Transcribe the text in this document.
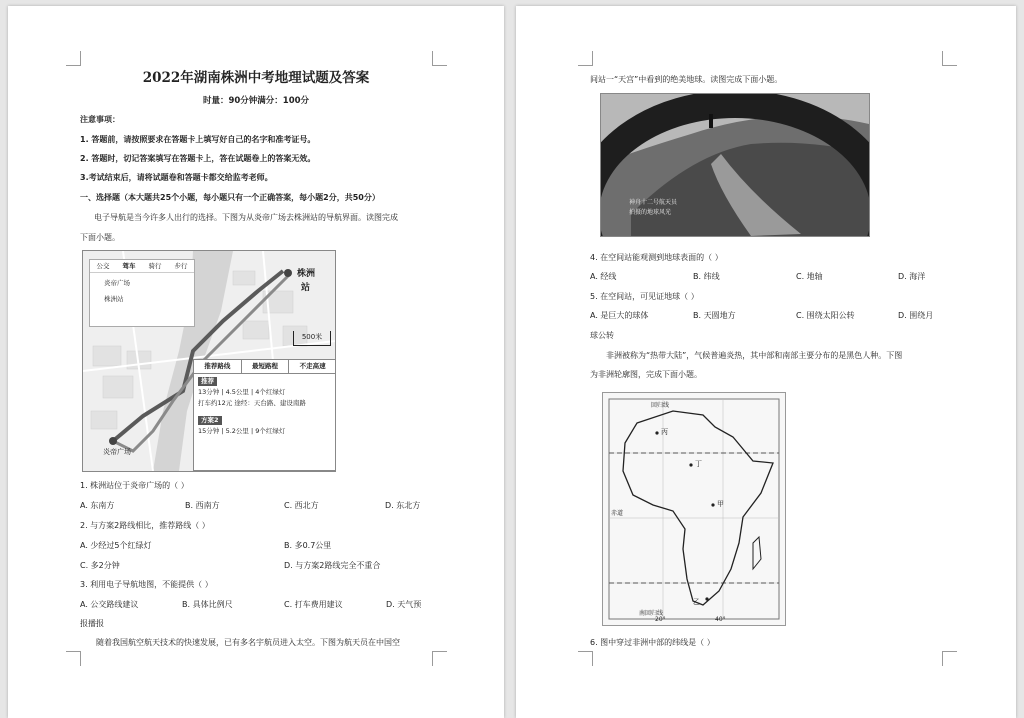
2022年湖南株洲中考地理试题及答案
时量：90分钟满分：100分
注意事项：
1. 答题前，请按照要求在答题卡上填写好自己的名字和准考证号。
2. 答题时，切记答案填写在答题卡上，答在试题卷上的答案无效。
3.考试结束后，请将试题卷和答题卡都交给监考老师。
一、选择题（本大题共25个小题，每小题只有一个正确答案，每小题2分，共50分）
电子导航是当今许多人出行的选择。下图为从炎帝广场去株洲站的导航界面。读图完成
下面小题。
公交 驾车 骑行 步行
炎帝广场
株洲站
株洲
站
500米
炎帝广场
推荐路线	最短路程	不走高速
推荐
13分钟 | 4.5公里 | 4个红绿灯
打车约12元 途经：天台路、建设南路
方案2
15分钟 | 5.2公里 | 9个红绿灯
1. 株洲站位于炎帝广场的（ ）
A. 东南方	B. 西南方	C. 西北方	D. 东北方
2. 与方案2路线相比，推荐路线（ ）
A. 少经过5个红绿灯	B. 多0.7公里
C. 多2分钟	D. 与方案2路线完全不重合
3. 利用电子导航地图，不能提供（ ）
A. 公交路线建议	B. 具体比例尺	C. 打车费用建议	D. 天气预
报播报
随着我国航空航天技术的快速发展，已有多名宇航员进入太空。下图为航天员在中国空
间站一“天宫”中看到的绝美地球。读图完成下面小题。
神舟十二号航天员
拍摄的地球风光
4. 在空间站能观测到地球表面的（ ）
A. 经线	B. 纬线	C. 地轴	D. 海洋
5. 在空间站，可见证地球（ ）
A. 是巨大的球体	B. 天圆地方	C. 围绕太阳公转	D. 围绕月
球公转
非洲被称为“热带大陆”，气候普遍炎热，其中部和南部主要分布的是黑色人种。下图
为非洲轮廓图，完成下面小题。
回归线
赤道
南回归线
丙
丁
甲
乙
20°	40°
6. 图中穿过非洲中部的纬线是（ ）
